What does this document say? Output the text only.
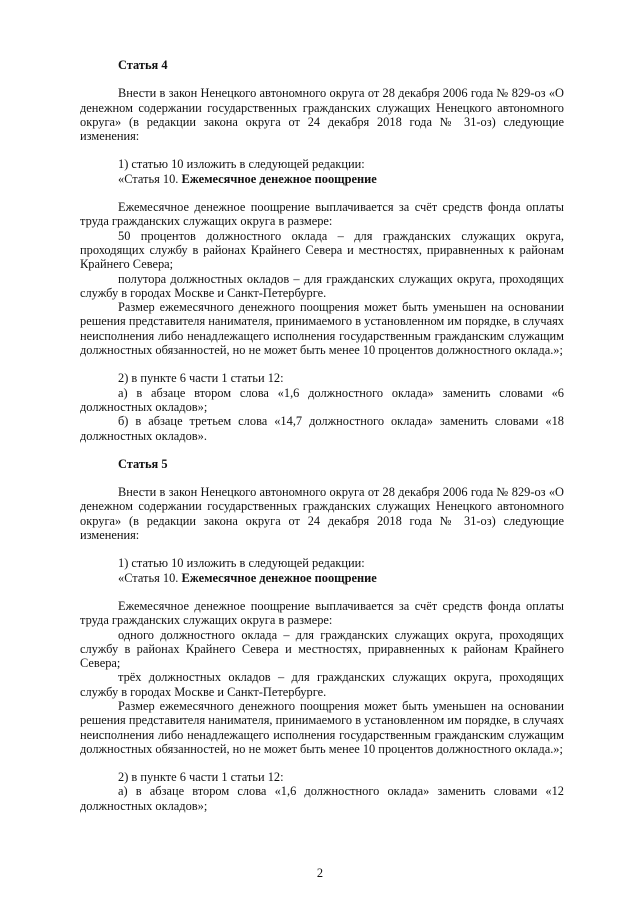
Статья 4

Внести в закон Ненецкого автономного округа от 28 декабря 2006 года № 829-оз «О денежном содержании государственных гражданских служащих Ненецкого автономного округа» (в редакции закона округа от 24 декабря 2018 года № 31-оз) следующие изменения:

1) статью 10 изложить в следующей редакции:

«Статья 10. Ежемесячное денежное поощрение

Ежемесячное денежное поощрение выплачивается за счёт средств фонда оплаты труда гражданских служащих округа в размере:

50 процентов должностного оклада – для гражданских служащих округа, проходящих службу в районах Крайнего Севера и местностях, приравненных к районам Крайнего Севера;

полутора должностных окладов – для гражданских служащих округа, проходящих службу в городах Москве и Санкт-Петербурге.

Размер ежемесячного денежного поощрения может быть уменьшен на основании решения представителя нанимателя, принимаемого в установленном им порядке, в случаях неисполнения либо ненадлежащего исполнения государственным гражданским служащим должностных обязанностей, но не может быть менее 10 процентов должностного оклада.»;

2) в пункте 6 части 1 статьи 12:

а) в абзаце втором слова «1,6 должностного оклада» заменить словами «6 должностных окладов»;

б) в абзаце третьем слова «14,7 должностного оклада» заменить словами «18 должностных окладов».

Статья 5

Внести в закон Ненецкого автономного округа от 28 декабря 2006 года № 829-оз «О денежном содержании государственных гражданских служащих Ненецкого автономного округа» (в редакции закона округа от 24 декабря 2018 года № 31-оз) следующие изменения:

1) статью 10 изложить в следующей редакции:

«Статья 10. Ежемесячное денежное поощрение

Ежемесячное денежное поощрение выплачивается за счёт средств фонда оплаты труда гражданских служащих округа в размере:

одного должностного оклада – для гражданских служащих округа, проходящих службу в районах Крайнего Севера и местностях, приравненных к районам Крайнего Севера;

трёх должностных окладов – для гражданских служащих округа, проходящих службу в городах Москве и Санкт-Петербурге.

Размер ежемесячного денежного поощрения может быть уменьшен на основании решения представителя нанимателя, принимаемого в установленном им порядке, в случаях неисполнения либо ненадлежащего исполнения государственным гражданским служащим должностных обязанностей, но не может быть менее 10 процентов должностного оклада.»;

2) в пункте 6 части 1 статьи 12:

а) в абзаце втором слова «1,6 должностного оклада» заменить словами «12 должностных окладов»;

2
